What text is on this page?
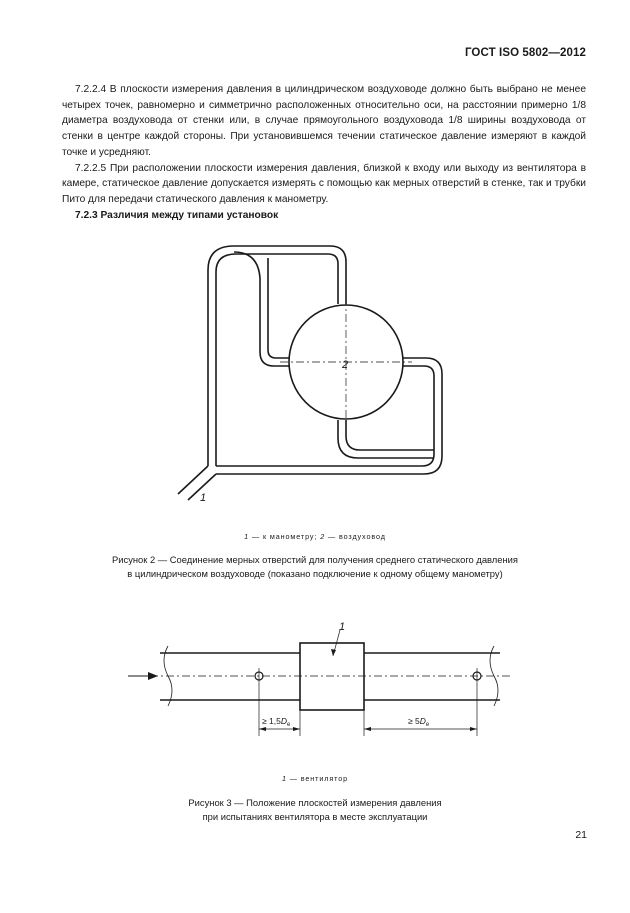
ГОСТ ISO 5802—2012

7.2.2.4 В плоскости измерения давления в цилиндрическом воздуховоде должно быть выбрано не менее четырех точек, равномерно и симметрично расположенных относительно оси, на расстоянии примерно 1/8 диаметра воздуховода от стенки или, в случае прямоугольного воздуховода 1/8 ширины воздуховода от стенки в центре каждой стороны. При установившемся течении статическое давление измеряют в каждой точке и усредняют.

7.2.2.5 При расположении плоскости измерения давления, близкой к входу или выходу из вентилятора в камере, статическое давление допускается измерять с помощью как мерных отверстий в стенке, так и трубки Пито для передачи статического давления к манометру.

7.2.3 Различия между типами установок

2
1
1 — к манометру; 2 — воздуховод
Рисунок 2 — Соединение мерных отверстий для получения среднего статического давления
в цилиндрическом воздуховоде (показано подключение к одному общему манометру)
1
≥ $1,5D_e$	≥ $5D_e$
1 — вентилятор
Рисунок 3 — Положение плоскостей измерения давления
при испытаниях вентилятора в месте эксплуатации
21
